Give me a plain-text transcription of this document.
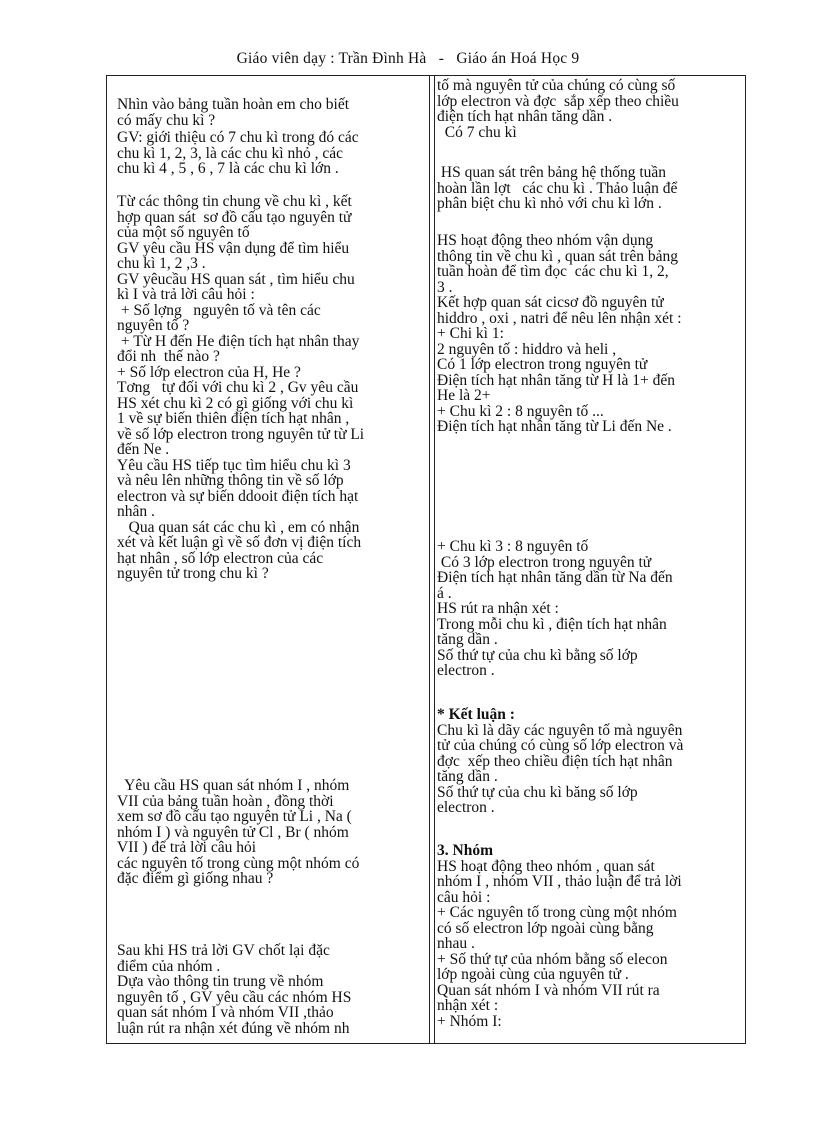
Giáo viên dạy : Trần Đình Hà - Giáo án Hoá Học 9
Nhìn vào bảng tuần hoàn em cho biết
có mấy chu kì ?
GV: giới thiệu có 7 chu kì trong đó các
chu kì 1, 2, 3, là các chu kì nhỏ , các
chu kì 4 , 5 , 6 , 7 là các chu kì lớn .
Từ các thông tin chung về chu kì , kết
hợp quan sát  sơ đồ cấu tạo nguyên tử
của một số nguyên tố
GV yêu cầu HS vận dụng để tìm hiểu
chu kì 1, 2 ,3 .
GV yêucầu HS quan sát , tìm hiểu chu
kì I và trả lời câu hỏi :
+ Số lợng   nguyên tố và tên các
nguyên tố ?
+ Từ H đến He điện tích hạt nhân thay
đổi nh  thế nào ?
+ Số lớp electron của H, He ?
Tơng   tự đối với chu kì 2 , Gv yêu cầu
HS xét chu kì 2 có gì giống với chu kì
1 về sự biến thiên điện tích hạt nhân ,
về số lớp electron trong nguyên tử từ Li
đến Ne .
Yêu cầu HS tiếp tục tìm hiểu chu kì 3
và nêu lên những thông tin về số lớp
electron và sự biến ddooit điện tích hạt
nhân .
Qua quan sát các chu kì , em có nhận
xét và kết luận gì về số đơn vị điện tích
hạt nhân , số lớp electron của các
nguyên tử trong chu kì ?
Yêu cầu HS quan sát nhóm I , nhóm
VII của bảng tuần hoàn , đồng thời
xem sơ đồ cấu tạo nguyên tử Li , Na (
nhóm I ) và nguyên tử Cl , Br ( nhóm
VII ) để trả lời câu hỏi
các nguyên tố trong cùng một nhóm có
đặc điểm gì giống nhau ?
Sau khi HS trả lời GV chốt lại đặc
điểm của nhóm .
Dựa vào thông tin trung về nhóm
nguyên tố , GV yêu cầu các nhóm HS
quan sát nhóm I và nhóm VII ,thảo
luận rút ra nhận xét đúng về nhóm nh
tố mà nguyên tử của chúng có cùng số
lớp electron và đợc  sắp xếp theo chiều
điện tích hạt nhân tăng dần .
Có 7 chu kì
HS quan sát trên bảng hệ thống tuần
hoàn lần lợt   các chu kì . Thảo luận để
phân biệt chu kì nhỏ với chu kì lớn .
HS hoạt động theo nhóm vận dụng
thông tin về chu kì , quan sát trên bảng
tuần hoàn để tìm đọc  các chu kì 1, 2,
3 .
Kết hợp quan sát cicsơ đồ nguyên tử
hiddro , oxi , natri để nêu lên nhận xét :
+ Chi kì 1:
2 nguyên tố : hiddro và heli ,
Có 1 lớp electron trong nguyên tử
Điện tích hạt nhân tăng từ H là 1+ đến
He là 2+
+ Chu kì 2 : 8 nguyên tố ...
Điện tích hạt nhân tăng từ Li đến Ne .
+ Chu kì 3 : 8 nguyên tố
Có 3 lớp electron trong nguyên tử
Điện tích hạt nhân tăng dần từ Na đến
á .
HS rút ra nhận xét :
Trong mỗi chu kì , điện tích hạt nhân
tăng dần .
Số thứ tự của chu kì bằng số lớp
electron .
* Kết luận :
Chu kì là dãy các nguyên tố mà nguyên
tử của chúng có cùng số lớp electron và
đợc  xếp theo chiều điện tích hạt nhân
tăng dần .
Số thứ tự của chu kì băng số lớp
electron .
3. Nhóm
HS hoạt động theo nhóm , quan sát
nhóm I , nhóm VII , thảo luận để trả lời
câu hỏi :
+ Các nguyên tố trong cùng một nhóm
có số electron lớp ngoài cùng bằng
nhau .
+ Số thứ tự của nhóm bằng số elecon
lớp ngoài cùng của nguyên tử .
Quan sát nhóm I và nhóm VII rút ra
nhận xét :
+ Nhóm I:
